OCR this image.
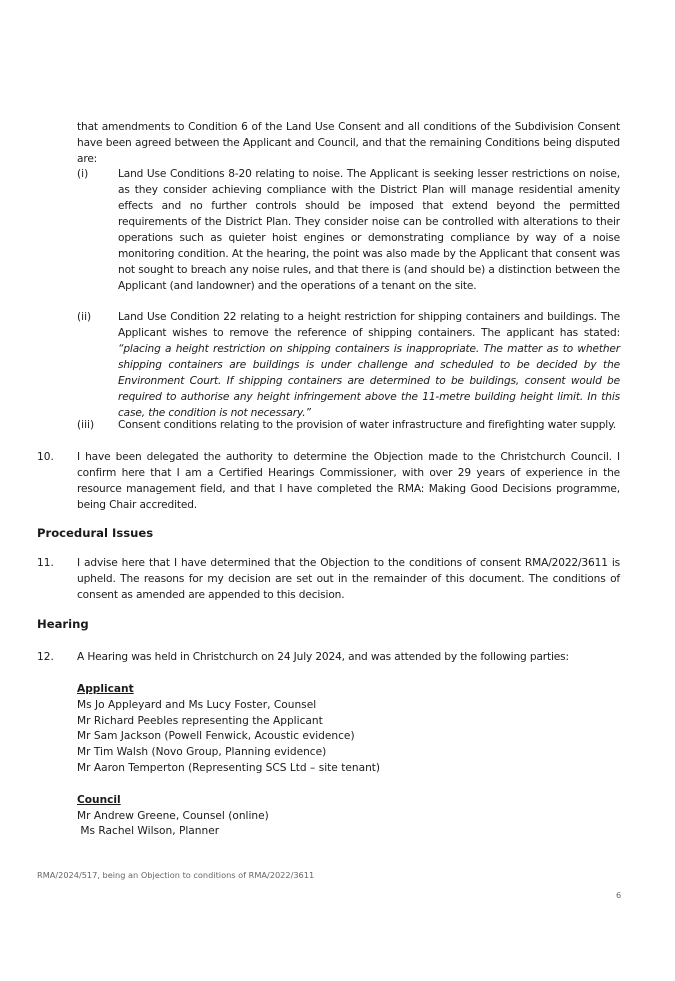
that amendments to Condition 6 of the Land Use Consent and all conditions of the Subdivision Consent have been agreed between the Applicant and Council, and that the remaining Conditions being disputed are:

(i)	Land Use Conditions 8-20 relating to noise. The Applicant is seeking lesser restrictions on noise, as they consider achieving compliance with the District Plan will manage residential amenity effects and no further controls should be imposed that extend beyond the permitted requirements of the District Plan. They consider noise can be controlled with alterations to their operations such as quieter hoist engines or demonstrating compliance by way of a noise monitoring condition. At the hearing, the point was also made by the Applicant that consent was not sought to breach any noise rules, and that there is (and should be) a distinction between the Applicant (and landowner) and the operations of a tenant on the site.

(ii)	Land Use Condition 22 relating to a height restriction for shipping containers and buildings. The Applicant wishes to remove the reference of shipping containers. The applicant has stated: “placing a height restriction on shipping containers is inappropriate. The matter as to whether shipping containers are buildings is under challenge and scheduled to be decided by the Environment Court. If shipping containers are determined to be buildings, consent would be required to authorise any height infringement above the 11-metre building height limit. In this case, the condition is not necessary.”

(iii) Consent conditions relating to the provision of water infrastructure and firefighting water supply.

10. I have been delegated the authority to determine the Objection made to the Christchurch Council. I confirm here that I am a Certified Hearings Commissioner, with over 29 years of experience in the resource management field, and that I have completed the RMA: Making Good Decisions programme, being Chair accredited.

Procedural Issues
11. I advise here that I have determined that the Objection to the conditions of consent RMA/2022/3611 is upheld. The reasons for my decision are set out in the remainder of this document. The conditions of consent as amended are appended to this decision.

Hearing
12. A Hearing was held in Christchurch on 24 July 2024, and was attended by the following parties:

Applicant
Ms Jo Appleyard and Ms Lucy Foster, Counsel
Mr Richard Peebles representing the Applicant
Mr Sam Jackson (Powell Fenwick, Acoustic evidence)
Mr Tim Walsh (Novo Group, Planning evidence)
Mr Aaron Temperton (Representing SCS Ltd – site tenant)
Council
Mr Andrew Greene, Counsel (online)
Ms Rachel Wilson, Planner
RMA/2024/517, being an Objection to conditions of RMA/2022/3611
6
